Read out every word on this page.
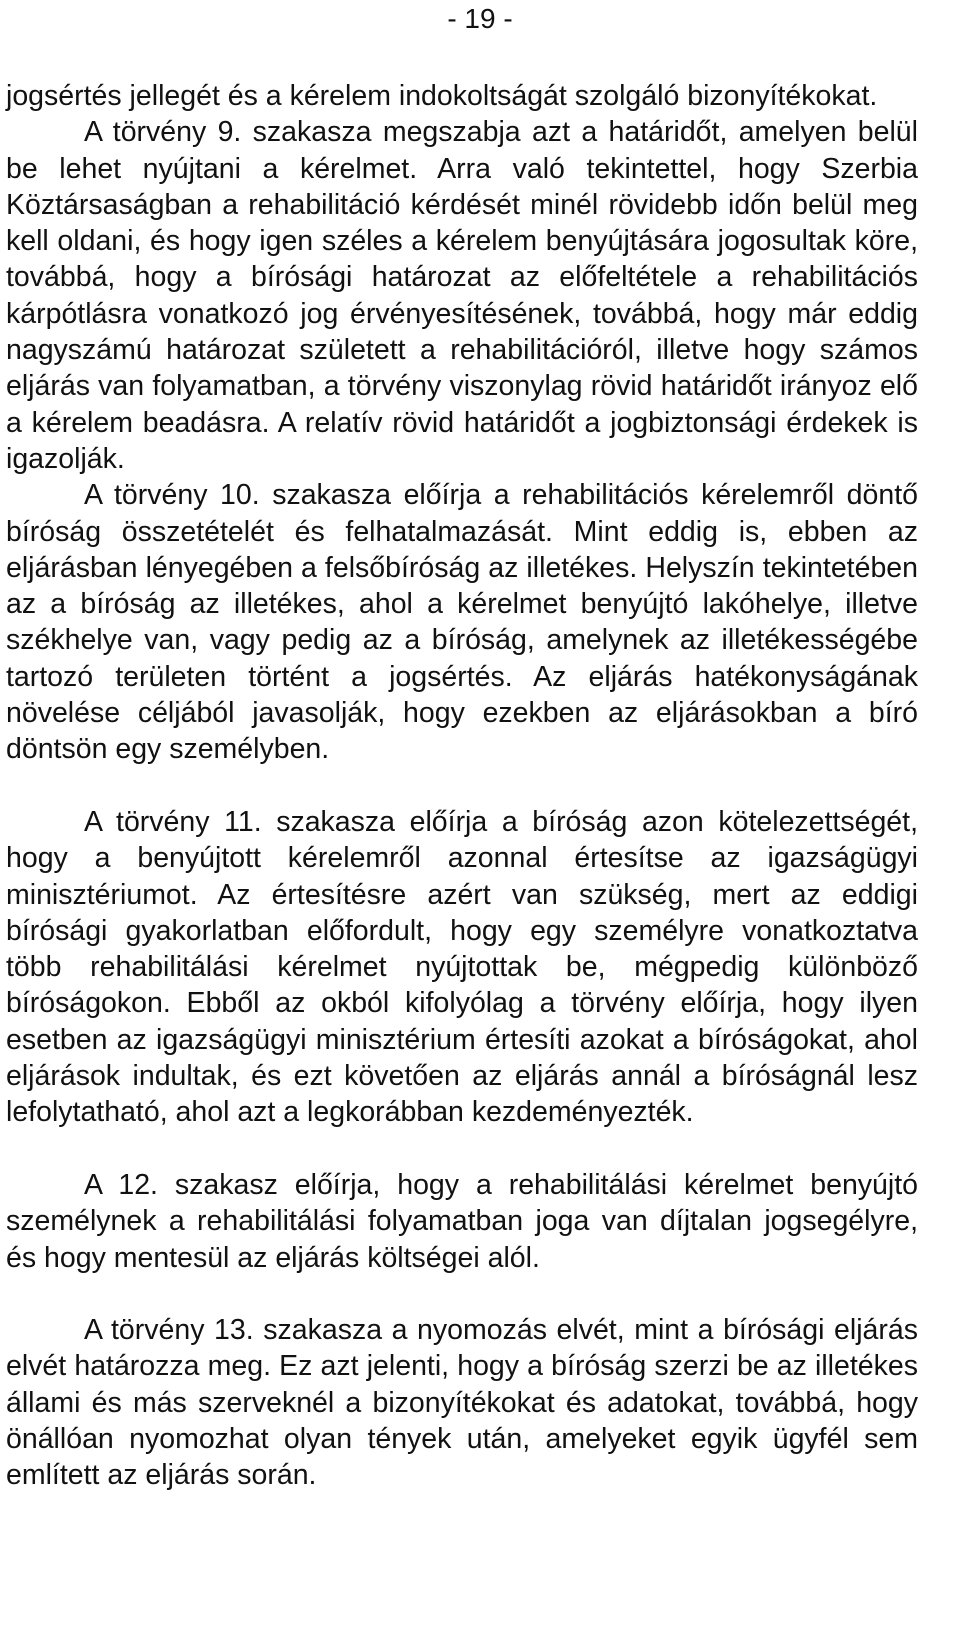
- 19 -

jogsértés jellegét és a kérelem indokoltságát szolgáló bizonyítékokat.

A törvény 9. szakasza megszabja azt a határidőt, amelyen belül be lehet nyújtani a kérelmet. Arra való tekintettel, hogy Szerbia Köztársaságban a rehabilitáció kérdését minél rövidebb időn belül meg kell oldani, és hogy igen széles a kérelem benyújtására jogosultak köre, továbbá, hogy a bírósági határozat az előfeltétele a rehabilitációs kárpótlásra vonatkozó jog érvényesítésének, továbbá, hogy már eddig nagyszámú határozat született a rehabilitációról, illetve hogy számos eljárás van folyamatban, a törvény viszonylag rövid határidőt irányoz elő a kérelem beadásra. A relatív rövid határidőt a jogbiztonsági érdekek is igazolják.

A törvény 10. szakasza előírja a rehabilitációs kérelemről döntő bíróság összetételét és felhatalmazását. Mint eddig is, ebben az eljárásban lényegében a felsőbíróság az illetékes. Helyszín tekintetében az a bíróság az illetékes, ahol a kérelmet benyújtó lakóhelye, illetve székhelye van, vagy pedig az a bíróság, amelynek az illetékességébe tartozó területen történt a jogsértés. Az eljárás hatékonyságának növelése céljából javasolják, hogy ezekben az eljárásokban a bíró döntsön egy személyben.

A törvény 11. szakasza előírja a bíróság azon kötelezettségét, hogy a benyújtott kérelemről azonnal értesítse az igazságügyi minisztériumot. Az értesítésre azért van szükség, mert az eddigi bírósági gyakorlatban előfordult, hogy egy személyre vonatkoztatva több rehabilitálási kérelmet nyújtottak be, mégpedig különböző bíróságokon. Ebből az okból kifolyólag a törvény előírja, hogy ilyen esetben az igazságügyi minisztérium értesíti azokat a bíróságokat, ahol eljárások indultak, és ezt követően az eljárás annál a bíróságnál lesz lefolytatható, ahol azt a legkorábban kezdeményezték.

A 12. szakasz előírja, hogy a rehabilitálási kérelmet benyújtó személynek a rehabilitálási folyamatban joga van díjtalan jogsegélyre, és hogy mentesül az eljárás költségei alól.

A törvény 13. szakasza a nyomozás elvét, mint a bírósági eljárás elvét határozza meg. Ez azt jelenti, hogy a bíróság szerzi be az illetékes állami és más szerveknél a bizonyítékokat és adatokat, továbbá, hogy önállóan nyomozhat olyan tények után, amelyeket egyik ügyfél sem említett az eljárás során.
